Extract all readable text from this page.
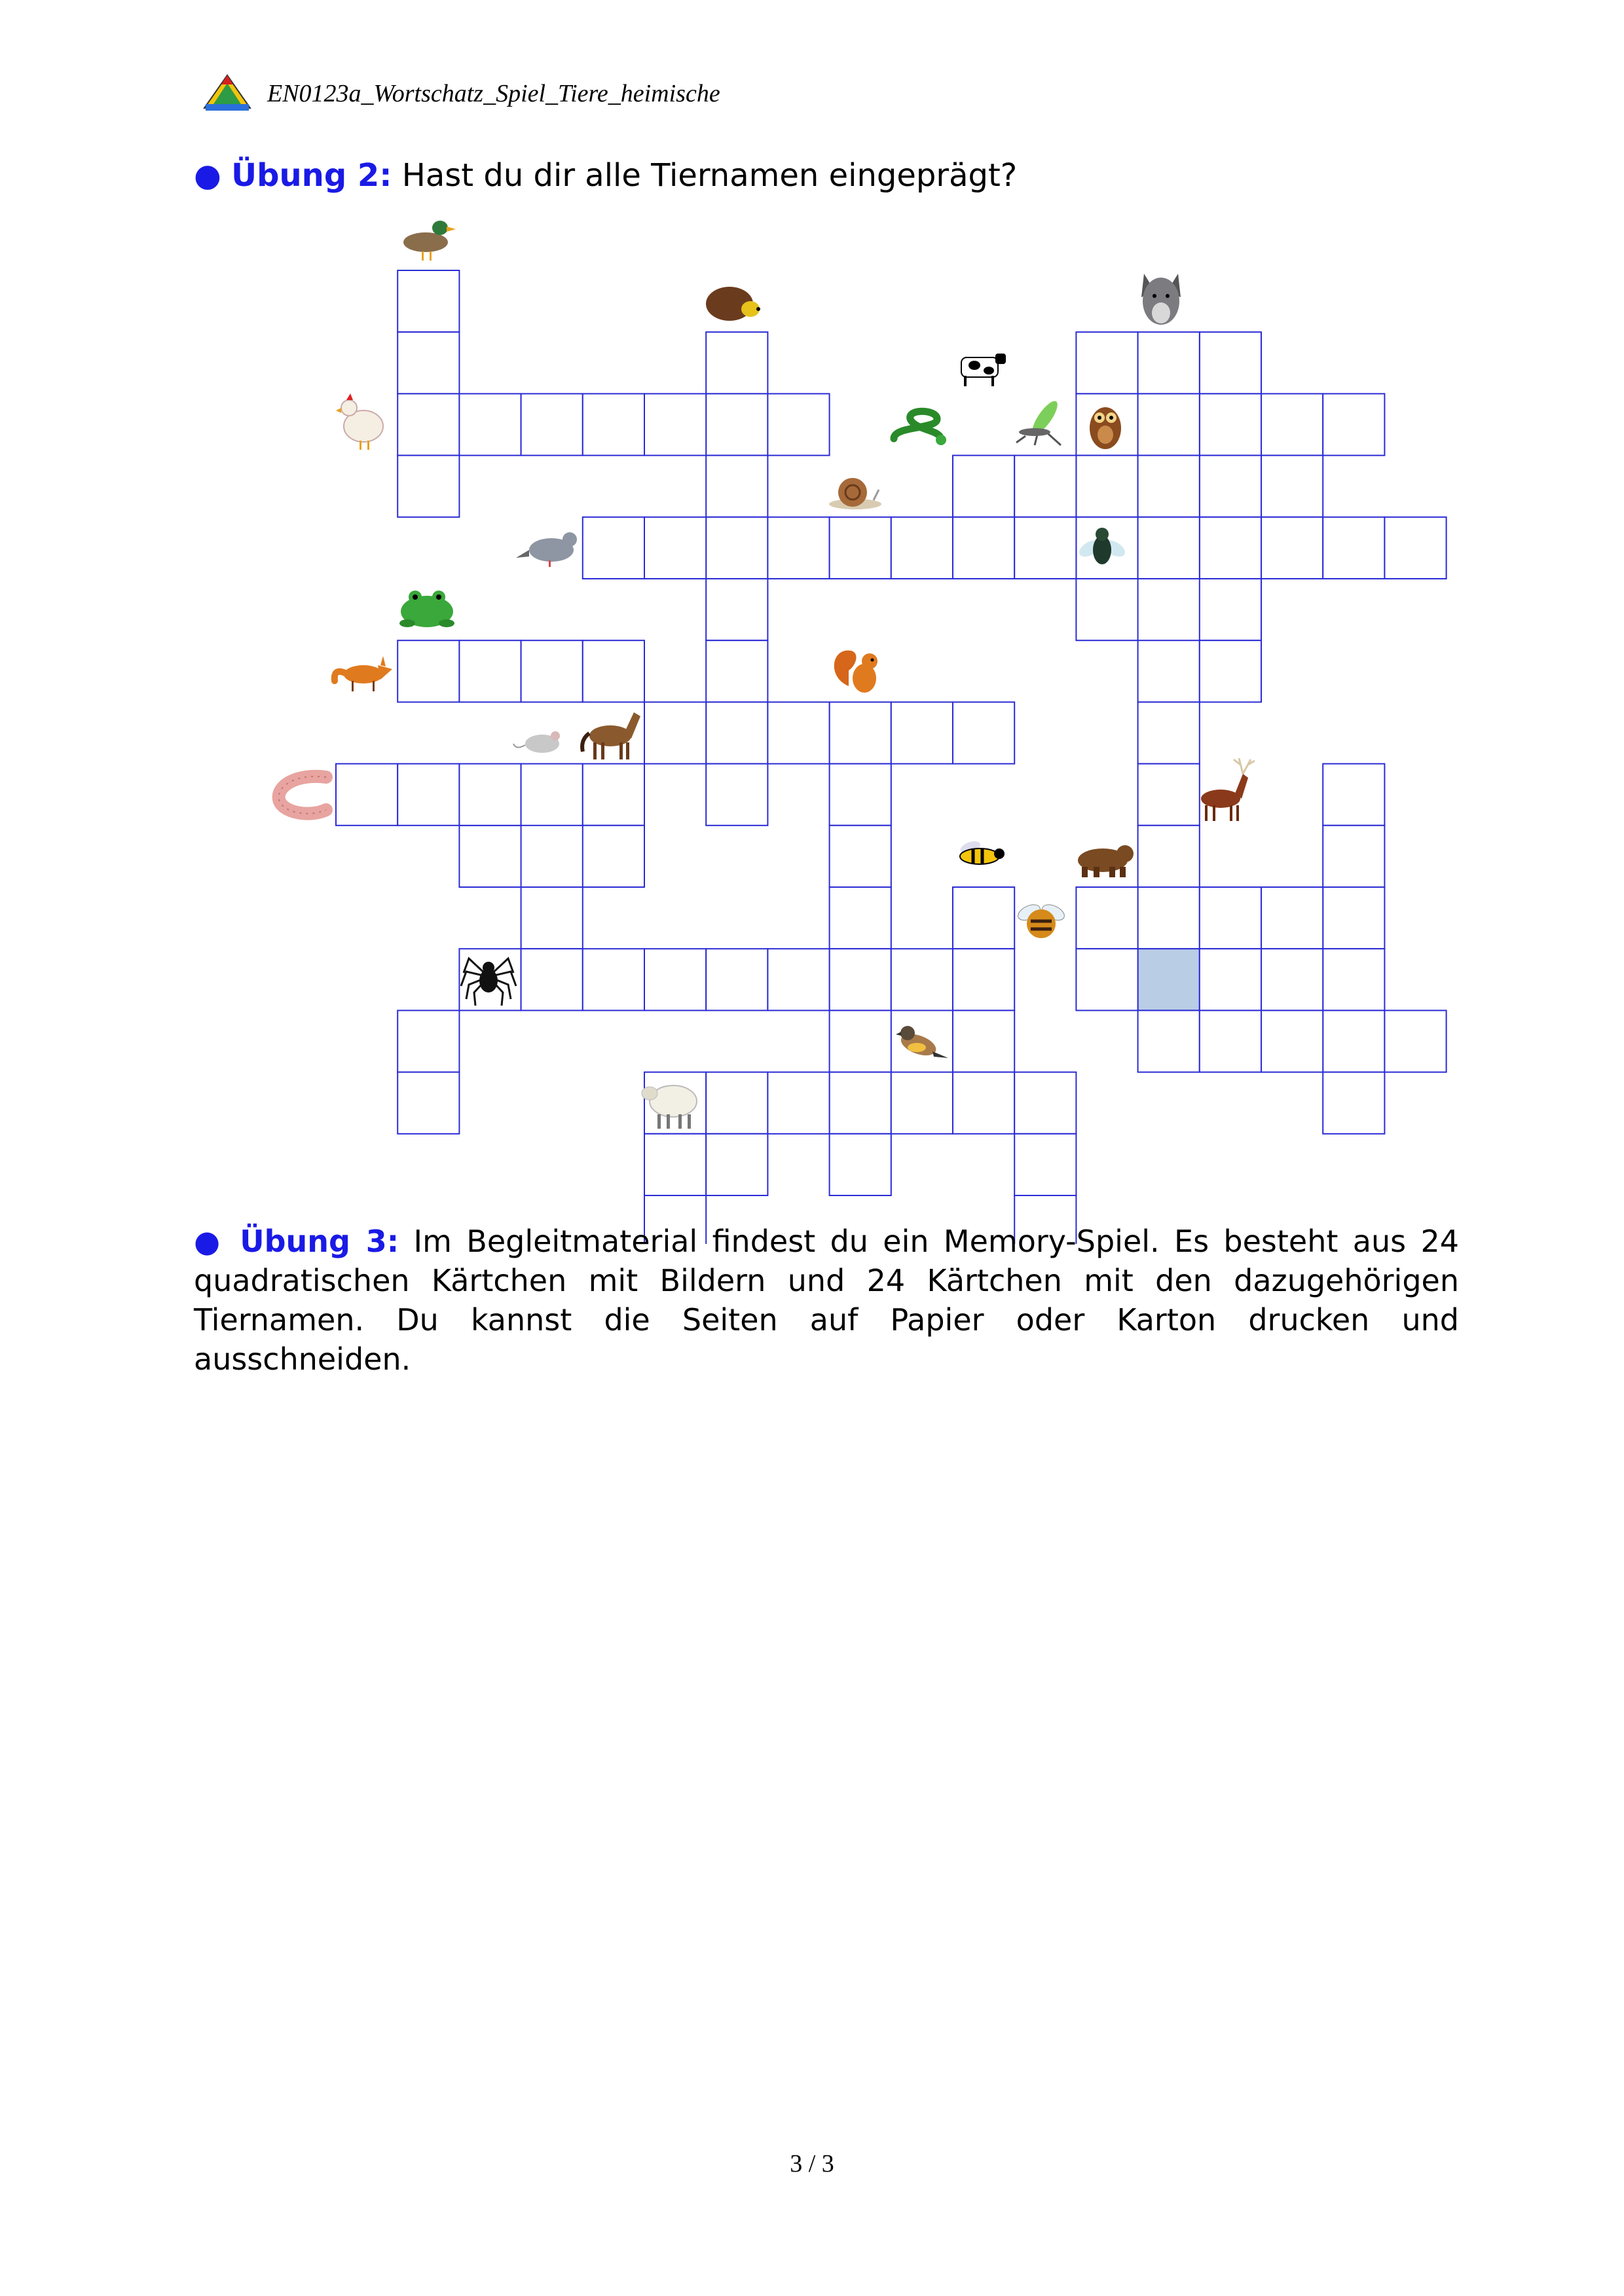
EN0123a_Wortschatz_Spiel_Tiere_heimische
● Übung 2: Hast du dir alle Tiernamen eingeprägt?
● Übung 3: Im Begleitmaterial findest du ein Memory-Spiel. Es besteht aus 24 quadratischen Kärtchen mit Bildern und 24 Kärtchen mit den dazugehörigen Tiernamen. Du kannst die Seiten auf Papier oder Karton drucken und ausschneiden.
3 / 3
